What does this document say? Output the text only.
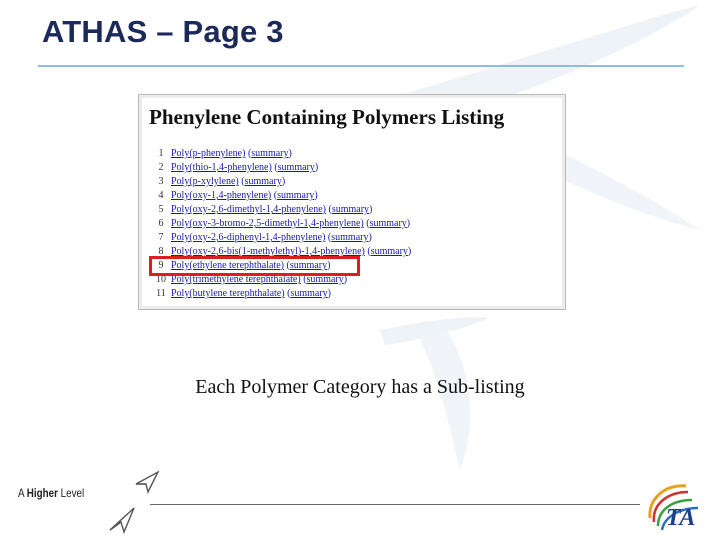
ATHAS – Page 3
Phenylene Containing Polymers Listing
1 Poly(p-phenylene) (summary)
2 Poly(thio-1,4-phenylene) (summary)
3 Poly(p-xylylene) (summary)
4 Poly(oxy-1,4-phenylene) (summary)
5 Poly(oxy-2,6-dimethyl-1,4-phenylene) (summary)
6 Poly(oxy-3-bromo-2,5-dimethyl-1,4-phenylene) (summary)
7 Poly(oxy-2,6-diphenyl-1,4-phenylene) (summary)
8 Poly(oxy-2,6-bis(1-methylethyl)-1,4-phenylene) (summary)
9 Poly(ethylene terephthalate) (summary)
10 Poly(trimethylene terephthalate) (summary)
11 Poly(butylene terephthalate) (summary)
Each Polymer Category has a Sub-listing
A Higher Level
TA
